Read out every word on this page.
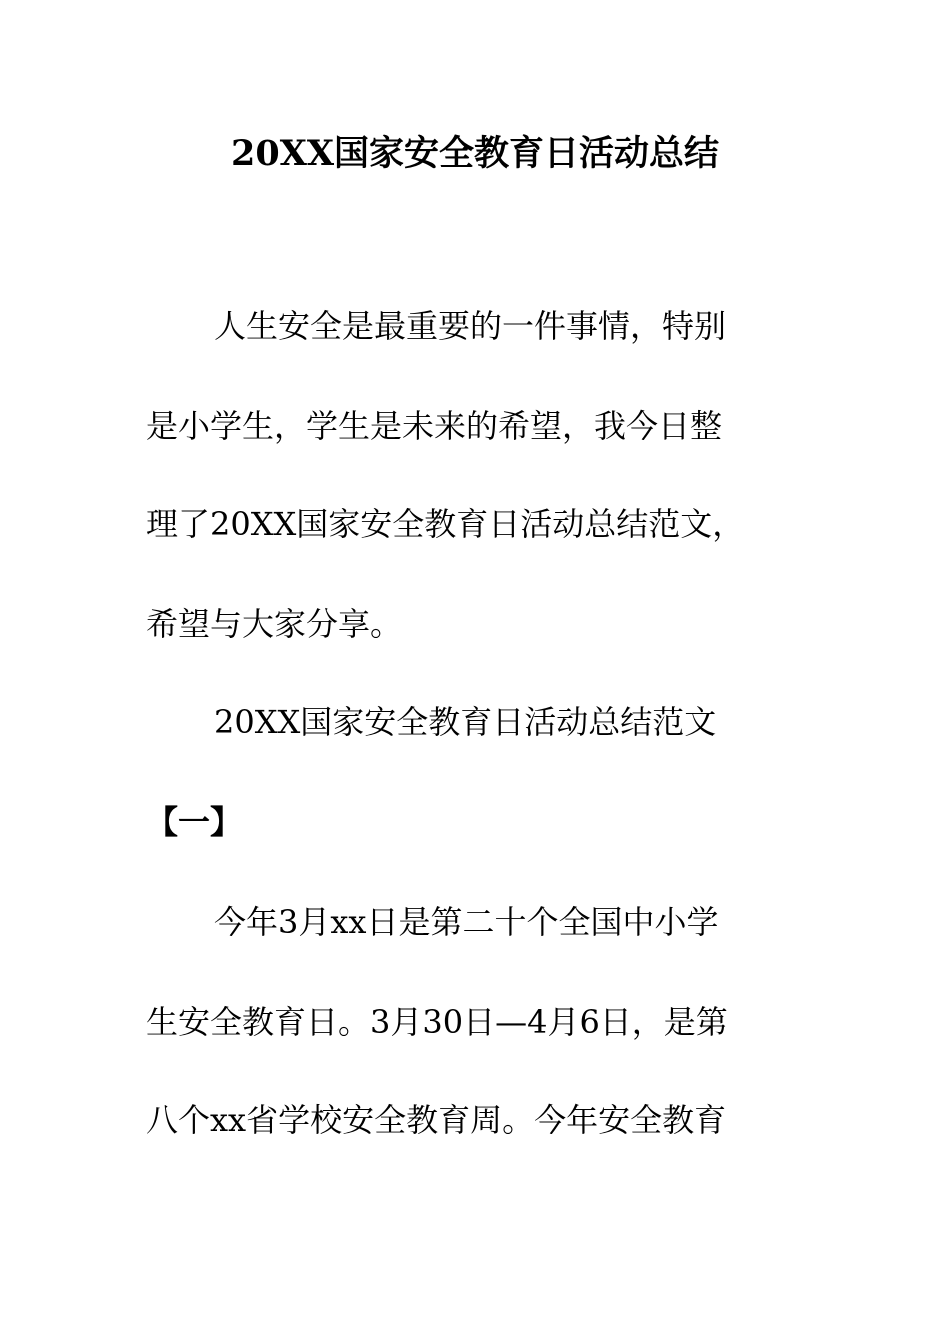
20XX国家安全教育日活动总结
人生安全是最重要的一件事情，特别
是小学生，学生是未来的希望，我今日整
理了20XX国家安全教育日活动总结范文，
希望与大家分享。
20XX国家安全教育日活动总结范文
【一】
今年3月xx日是第二十个全国中小学
生安全教育日。3月30日—4月6日，是第
八个xx省学校安全教育周。今年安全教育
